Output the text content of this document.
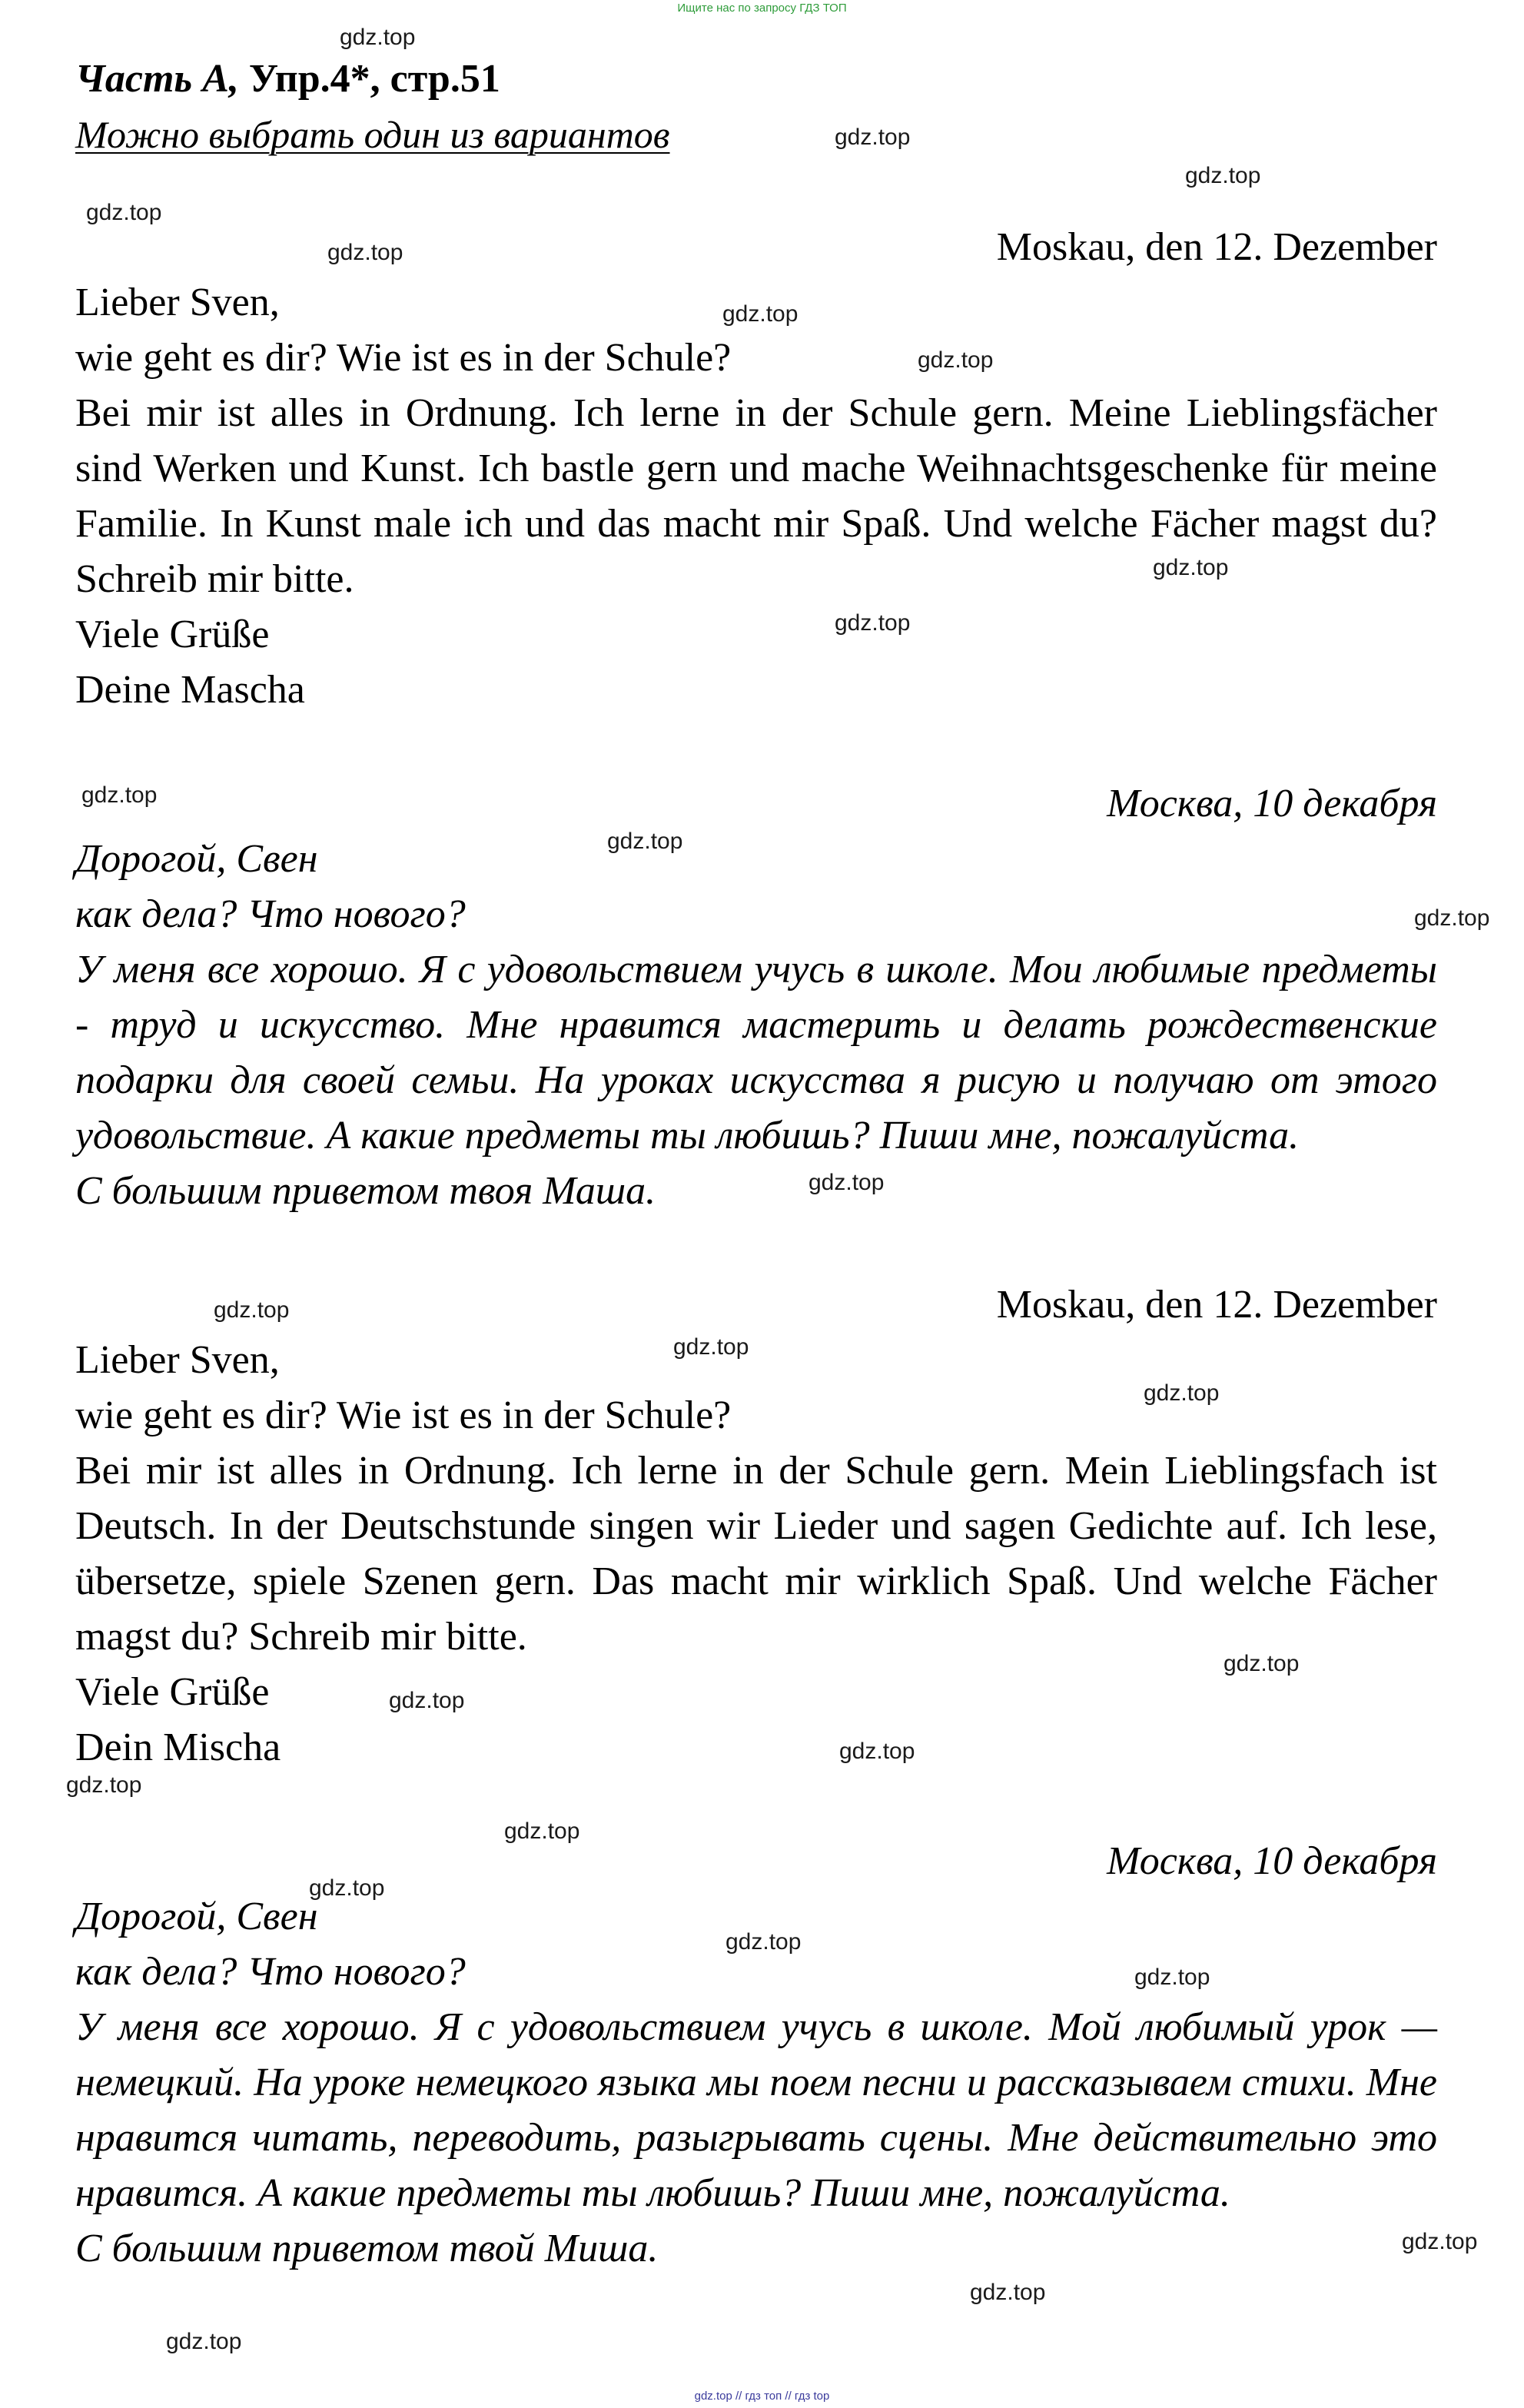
Ищите нас по запросу ГДЗ ТОП
Часть А, Упр.4*, стр.51
Можно выбрать один из вариантов
Moskau, den 12. Dezember
Lieber Sven,
wie geht es dir? Wie ist es in der Schule?
Bei mir ist alles in Ordnung. Ich lerne in der Schule gern. Meine Lieblingsfächer sind Werken und Kunst. Ich bastle gern und mache Weihnachtsgeschenke für meine Familie. In Kunst male ich und das macht mir Spaß. Und welche Fächer magst du? Schreib mir bitte.
Viele Grüße
Deine Mascha
Москва, 10 декабря
Дорогой, Свен
как дела? Что нового?
У меня все хорошо. Я с удовольствием учусь в школе. Мои любимые предметы - труд и искусство. Мне нравится мастерить и делать рождественские подарки для своей семьи. На уроках искусства я рисую и получаю от этого удовольствие. А какие предметы ты любишь? Пиши мне, пожалуйста.
С большим приветом твоя Маша.
Moskau, den 12. Dezember
Lieber Sven,
wie geht es dir? Wie ist es in der Schule?
Bei mir ist alles in Ordnung. Ich lerne in der Schule gern. Mein Lieblingsfach ist Deutsch. In der Deutschstunde singen wir Lieder und sagen Gedichte auf. Ich lese, übersetze, spiele Szenen gern. Das macht mir wirklich Spaß. Und welche Fächer magst du? Schreib mir bitte.
Viele Grüße
Dein Mischa
Москва, 10 декабря
Дорогой, Свен
как дела? Что нового?
У меня все хорошо. Я с удовольствием учусь в школе. Мой любимый урок — немецкий. На уроке немецкого языка мы поем песни и рассказываем стихи. Мне нравится читать, переводить, разыгрывать сцены. Мне действительно это нравится. А какие предметы ты любишь? Пиши мне, пожалуйста.
С большим приветом твой Миша.
gdz.top
gdz.top
gdz.top
gdz.top
gdz.top
gdz.top
gdz.top
gdz.top
gdz.top
gdz.top
gdz.top
gdz.top
gdz.top
gdz.top
gdz.top
gdz.top
gdz.top
gdz.top
gdz.top
gdz.top
gdz.top
gdz.top
gdz.top
gdz.top
gdz.top
gdz.top
gdz.top
gdz.top // гдз топ // гдз top
